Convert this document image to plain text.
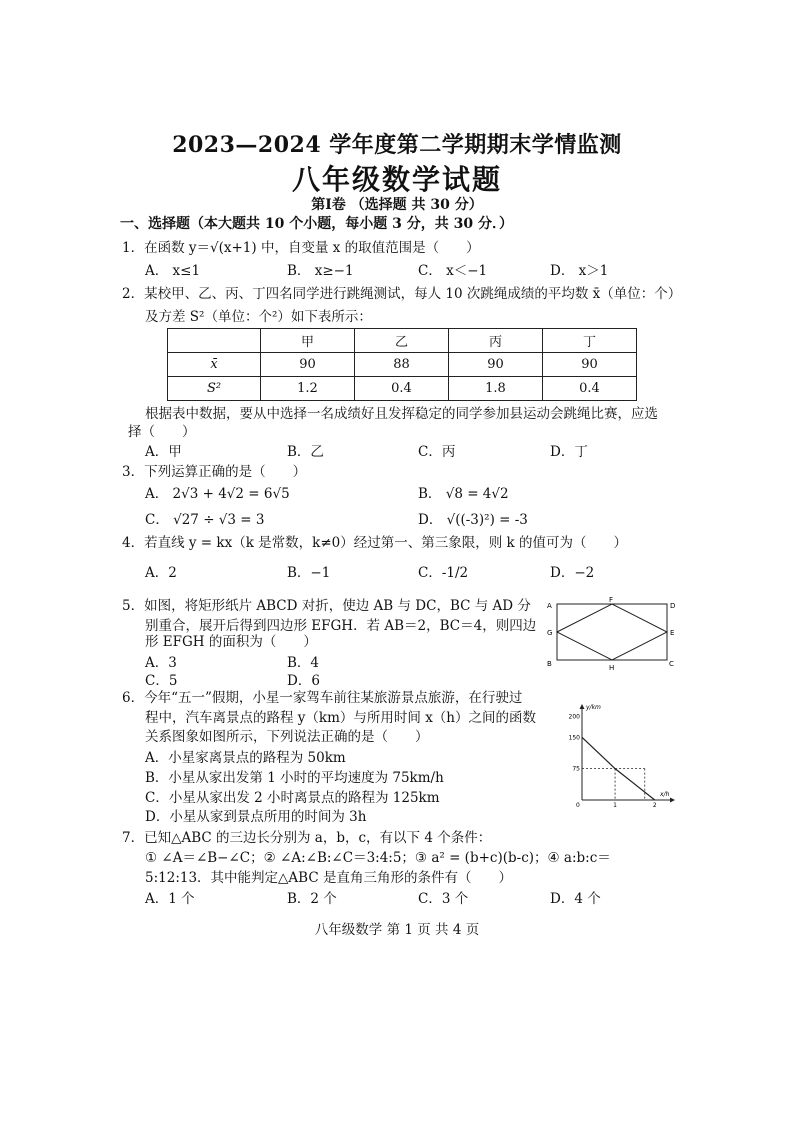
2023—2024 学年度第二学期期末学情监测
八年级数学试题
第Ⅰ卷 （选择题 共 30 分）
一、选择题（本大题共 10 个小题，每小题 3 分，共 30 分．）
1．在函数 y＝√(x+1) 中，自变量 x 的取值范围是（　　）
A． x≤1	B． x≥−1	C． x＜−1	D． x＞1
2．某校甲、乙、丙、丁四名同学进行跳绳测试，每人 10 次跳绳成绩的平均数 x̄（单位：个）
及方差 S²（单位：个²）如下表所示：
	甲	乙	丙	丁
x̄	90	88	90	90
S²	1.2	0.4	1.8	0.4
根据表中数据，要从中选择一名成绩好且发挥稳定的同学参加县运动会跳绳比赛，应选
择（　　）
A．甲	B．乙	C．丙	D．丁
3．下列运算正确的是（　　）
A． 2√3 + 4√2 = 6√5	B． √8 = 4√2
C． √27 ÷ √3 = 3	D． √((-3)²) = -3
4．若直线 y = kx（k 是常数，k≠0）经过第一、第三象限，则 k 的值可为（　　）
A．2	B．−1	C．-1/2	D．−2
5．如图，将矩形纸片 ABCD 对折，使边 AB 与 DC，BC 与 AD 分
别重合，展开后得到四边形 EFGH．若 AB＝2，BC＝4，则四边
形 EFGH 的面积为（　　）
A．3	B．4
C．5	D．6
A
B	C
D
E
F
G
H
6．今年“五一”假期，小星一家驾车前往某旅游景点旅游，在行驶过
程中，汽车离景点的路程 y（km）与所用时间 x（h）之间的函数
关系图象如图所示，下列说法正确的是（　　）
A．小星家离景点的路程为 50km
B．小星从家出发第 1 小时的平均速度为 75km/h
C．小星从家出发 2 小时离景点的路程为 125km
D．小星从家到景点所用的时间为 3h
y/km
x/h
0
200
150
75
1	2
7．已知△ABC 的三边长分别为 a，b，c，有以下 4 个条件：
① ∠A＝∠B−∠C；② ∠A:∠B:∠C＝3:4:5；③ a² = (b+c)(b-c)；④ a:b:c＝
5:12:13．其中能判定△ABC 是直角三角形的条件有（　　）
A．1 个	B．2 个	C．3 个	D．4 个
八年级数学 第 1 页 共 4 页
